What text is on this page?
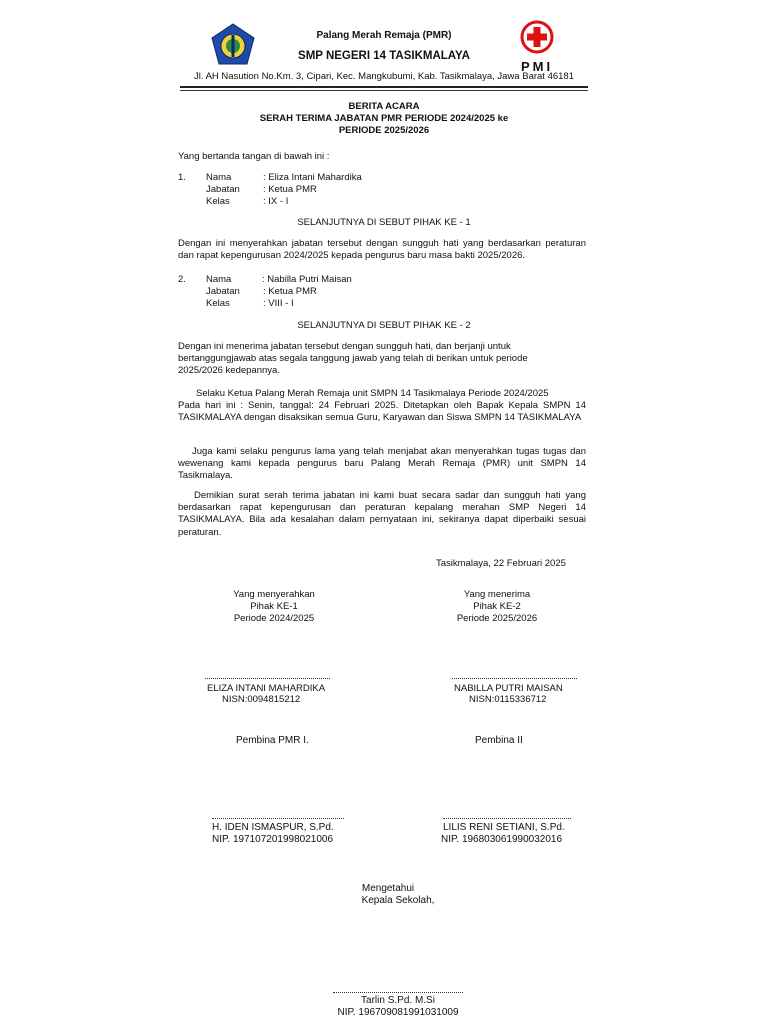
PMI
Palang Merah Remaja (PMR)
SMP NEGERI 14 TASIKMALAYA
Jl. AH Nasution No.Km. 3, Cipari, Kec. Mangkubumi, Kab. Tasikmalaya, Jawa Barat 46181
BERITA ACARA
SERAH TERIMA JABATAN PMR PERIODE 2024/2025 ke
PERIODE 2025/2026
Yang bertanda tangan di bawah ini :
1. Nama	: Eliza Intani Mahardika
Jabatan : Ketua PMR
Kelas	: IX - I
SELANJUTNYA DI SEBUT PIHAK KE - 1
Dengan ini menyerahkan jabatan tersebut dengan sungguh hati yang berdasarkan peraturan dan rapat kepengurusan 2024/2025 kepada pengurus baru masa bakti 2025/2026.
2. Nama	: Nabilla Putri Maisan
Jabatan : Ketua PMR
Kelas	: VIII - I
SELANJUTNYA DI SEBUT PIHAK KE - 2
Dengan ini menerima jabatan tersebut dengan sungguh hati, dan berjanji untuk bertanggungjawab atas segala tanggung jawab yang telah di berikan untuk periode 2025/2026 kedepannya.
Selaku Ketua Palang Merah Remaja unit SMPN 14 Tasikmalaya Periode 2024/2025
Pada hari ini : Senin, tanggal: 24 Februari 2025. Ditetapkan oleh Bapak Kepala SMPN 14 TASIKMALAYA dengan disaksikan semua Guru, Karyawan dan Siswa SMPN 14 TASIKMALAYA
Juga kami selaku pengurus lama yang telah menjabat akan menyerahkan tugas tugas dan wewenang kami kepada pengurus baru Palang Merah Remaja (PMR) unit SMPN 14 Tasikmalaya.
Demikian surat serah terima jabatan ini kami buat secara sadar dan sungguh hati yang berdasarkan rapat kepengurusan dan peraturan kepalang merahan SMP Negeri 14 TASIKMALAYA. Bila ada kesalahan dalam pernyataan ini, sekiranya dapat diperbaiki sesuai peraturan.
Tasikmalaya, 22 Februari 2025
Yang menyerahkan
Pihak KE-1
Periode 2024/2025
ELIZA INTANI MAHARDIKA
NISN:0094815212
Yang menerima
Pihak KE-2
Periode 2025/2026
NABILLA PUTRI MAISAN
NISN:0115336712
Pembina PMR I.	Pembina II
H. IDEN ISMASPUR, S.Pd.
NIP. 197107201998021006
LILIS RENI SETIANI, S.Pd.
NIP. 196803061990032016
Mengetahui
Kepala Sekolah,
Tarlin S.Pd. M.Si
NIP. 196709081991031009
